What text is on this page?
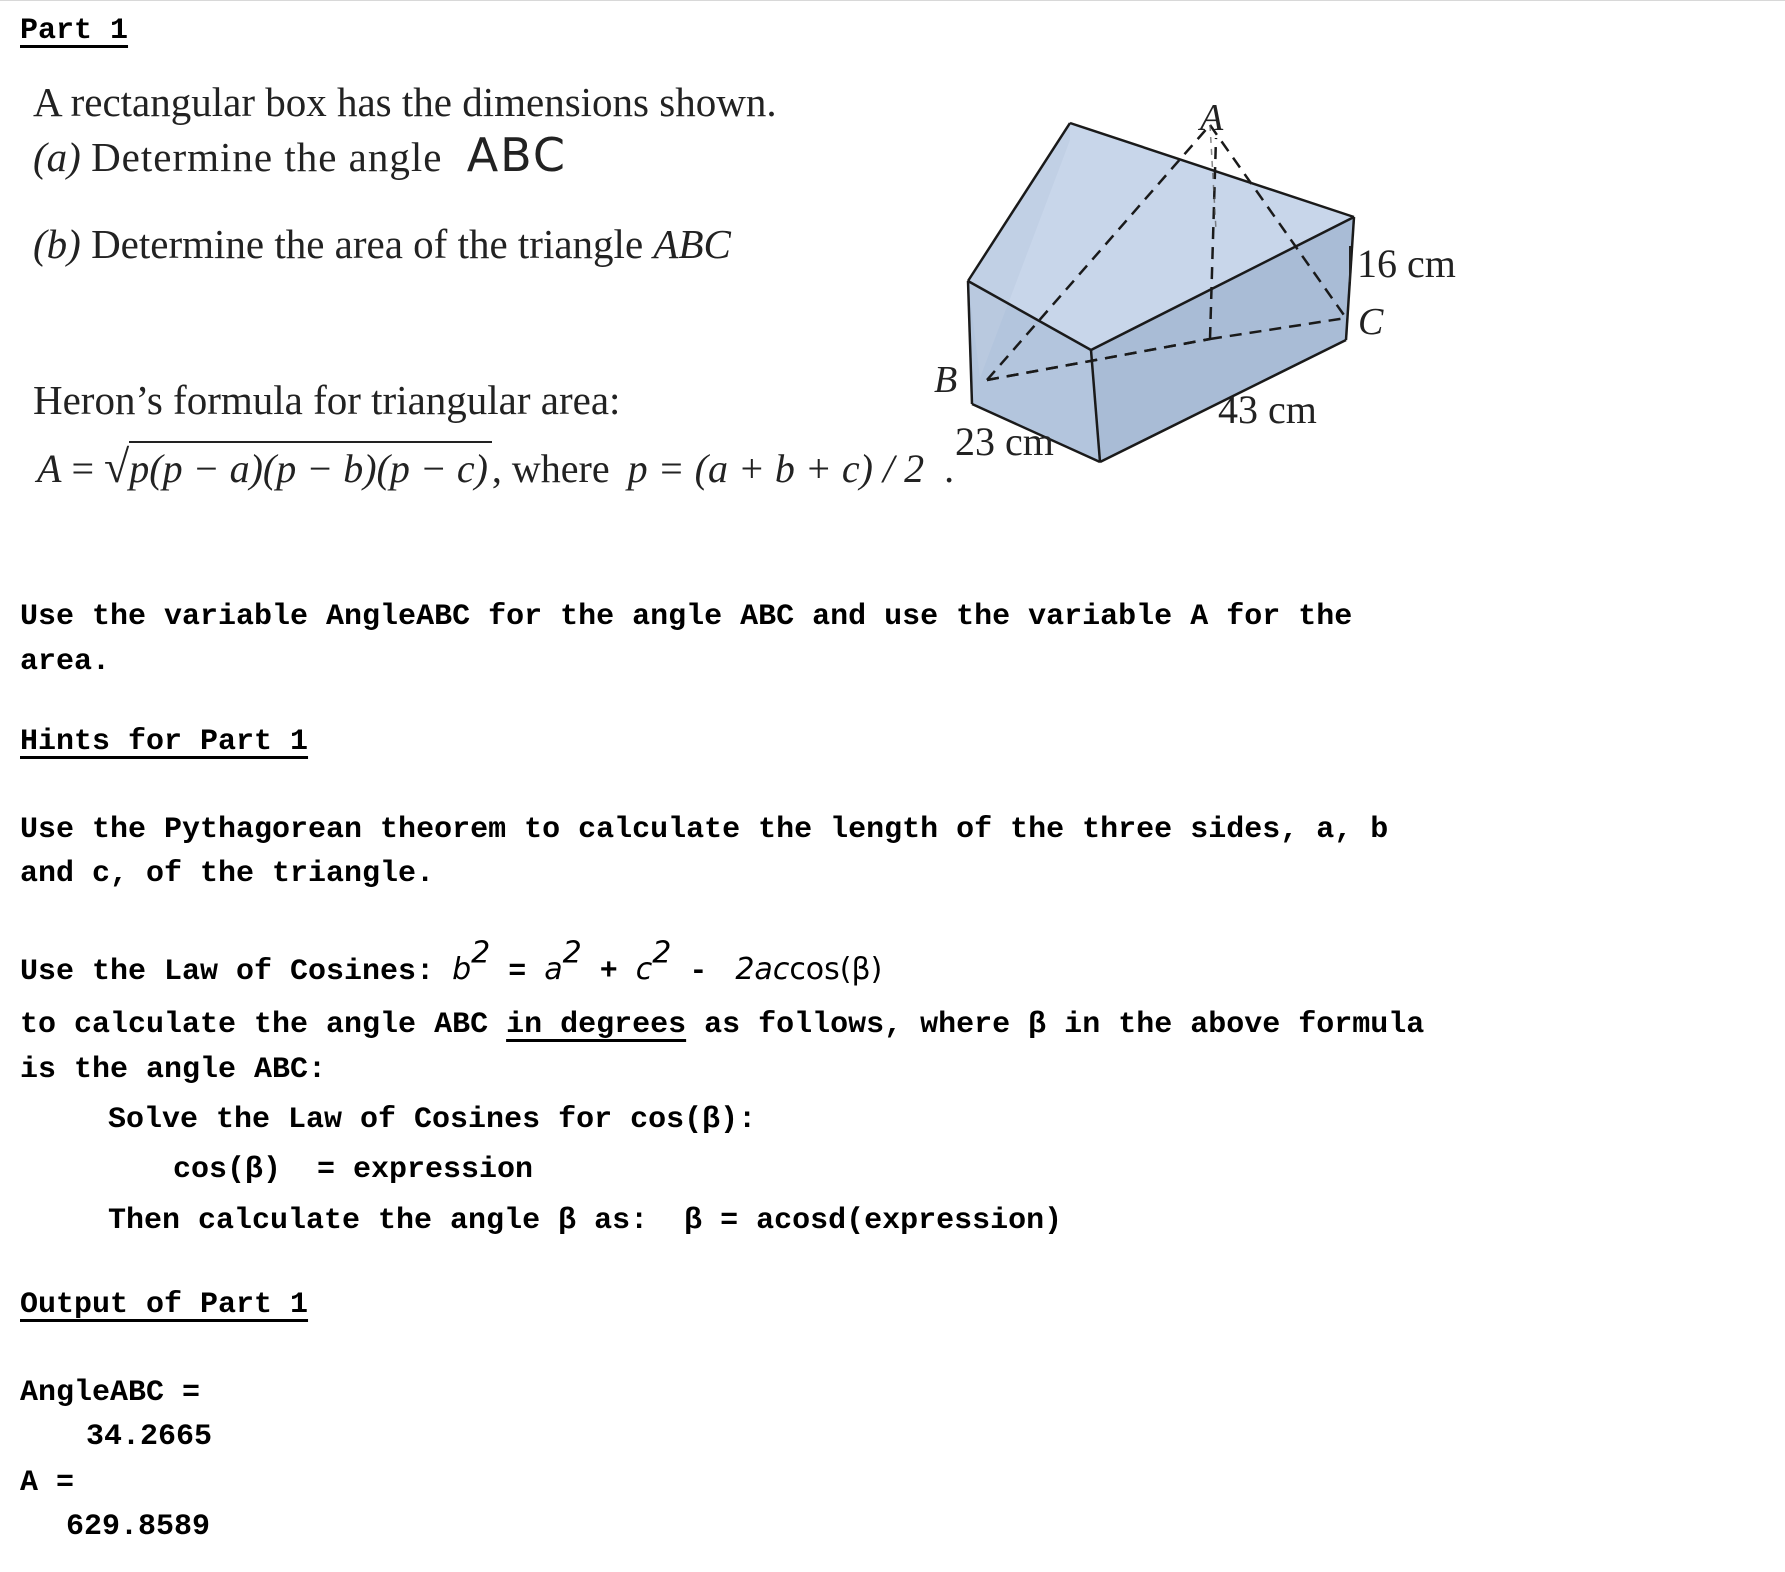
Part 1
A rectangular box has the dimensions shown.
(a) Determine the angle ABC
(b) Determine the area of the triangle ABC
Heron’s formula for triangular area:
A = √p(p − a)(p − b)(p − c) , where p = (a + b + c) / 2 .
A
B
C
16 cm
43 cm
23 cm
Use the variable AngleABC for the angle ABC and use the variable A for the
area.
Hints for Part 1
Use the Pythagorean theorem to calculate the length of the three sides, a, b
and c, of the triangle.
Use the Law of Cosines: $b^2 = a^2 + c^2 - 2accos(\beta)$
to calculate the angle ABC in degrees as follows, where β in the above formula
is the angle ABC:
Solve the Law of Cosines for cos(β):
cos(β)  = expression
Then calculate the angle β as:  β = acosd(expression)
Output of Part 1
AngleABC =
34.2665
A =
629.8589
